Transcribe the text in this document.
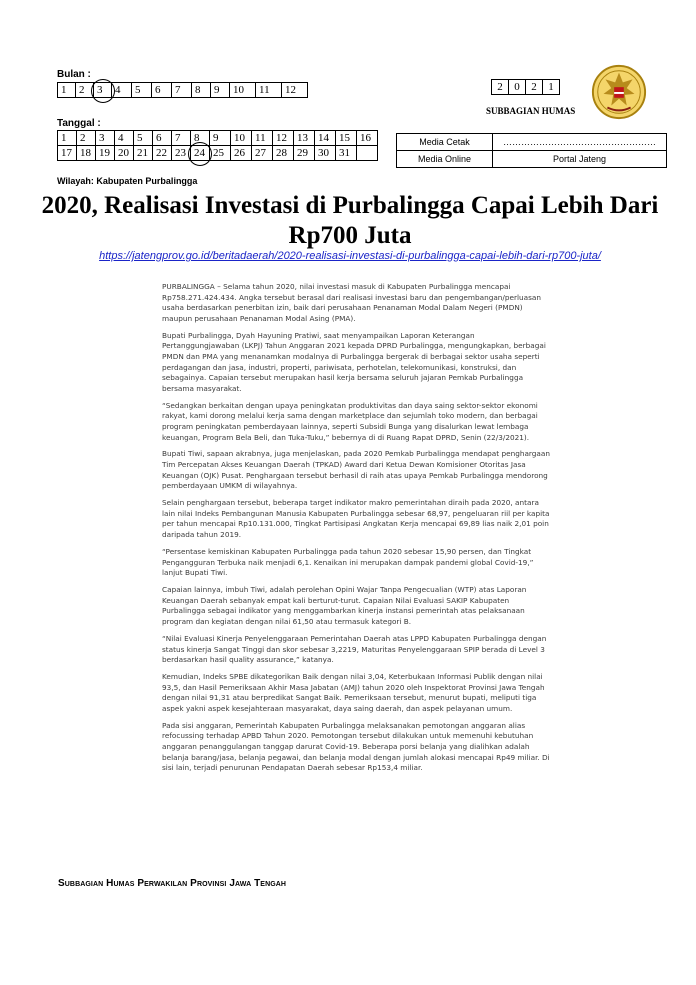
Bulan :
1	2	3	4	5	6	7	8	9	10	11	12	2	0	2	1
SUBBAGIAN HUMAS
Tanggal :
1	2	3	4	5	6	7	8	9	10	11	12	13	14	15	16
17	18	19	20	21	22	23	24	25	26	27	28	29	30	31	
Media Cetak	……………………………………………
Media Online	Portal Jateng
Wilayah: Kabupaten Purbalingga
2020, Realisasi Investasi di Purbalingga Capai Lebih Dari Rp700 Juta
https://jatengprov.go.id/beritadaerah/2020-realisasi-investasi-di-purbalingga-capai-lebih-dari-rp700-juta/

PURBALINGGA – Selama tahun 2020, nilai investasi masuk di Kabupaten Purbalingga mencapai Rp758.271.424.434. Angka tersebut berasal dari realisasi investasi baru dan pengembangan/perluasan usaha berdasarkan penerbitan izin, baik dari perusahaan Penanaman Modal Dalam Negeri (PMDN) maupun perusahaan Penanaman Modal Asing (PMA).

Bupati Purbalingga, Dyah Hayuning Pratiwi, saat menyampaikan Laporan Keterangan Pertanggungjawaban (LKPJ) Tahun Anggaran 2021 kepada DPRD Purbalingga, mengungkapkan, berbagai PMDN dan PMA yang menanamkan modalnya di Purbalingga bergerak di berbagai sektor usaha seperti perdagangan dan jasa, industri, properti, pariwisata, perhotelan, telekomunikasi, konstruksi, dan sebagainya. Capaian tersebut merupakan hasil kerja bersama seluruh jajaran Pemkab Purbalingga bersama masyarakat.

“Sedangkan berkaitan dengan upaya peningkatan produktivitas dan daya saing sektor-sektor ekonomi rakyat, kami dorong melalui kerja sama dengan marketplace dan sejumlah toko modern, dan berbagai program peningkatan pemberdayaan lainnya, seperti Subsidi Bunga yang disalurkan lewat lembaga keuangan, Program Bela Beli, dan Tuka-Tuku,” bebernya di di Ruang Rapat DPRD, Senin (22/3/2021).

Bupati Tiwi, sapaan akrabnya, juga menjelaskan, pada 2020 Pemkab Purbalingga mendapat penghargaan Tim Percepatan Akses Keuangan Daerah (TPKAD) Award dari Ketua Dewan Komisioner Otoritas Jasa Keuangan (OJK) Pusat. Penghargaan tersebut berhasil di raih atas upaya Pemkab Purbalingga mendorong pemberdayaan UMKM di wilayahnya.

Selain penghargaan tersebut, beberapa target indikator makro pemerintahan diraih pada 2020, antara lain nilai Indeks Pembangunan Manusia Kabupaten Purbalingga sebesar 68,97, pengeluaran riil per kapita per tahun mencapai Rp10.131.000, Tingkat Partisipasi Angkatan Kerja mencapai 69,89 lias naik 2,01 poin daripada tahun 2019.

“Persentase kemiskinan Kabupaten Purbalingga pada tahun 2020 sebesar 15,90 persen, dan Tingkat Pengangguran Terbuka naik menjadi 6,1. Kenaikan ini merupakan dampak pandemi global Covid-19,” lanjut Bupati Tiwi.

Capaian lainnya, imbuh Tiwi, adalah perolehan Opini Wajar Tanpa Pengecualian (WTP) atas Laporan Keuangan Daerah sebanyak empat kali berturut-turut. Capaian Nilai Evaluasi SAKIP Kabupaten Purbalingga sebagai indikator yang menggambarkan kinerja instansi pemerintah atas pelaksanaan program dan kegiatan dengan nilai 61,50 atau termasuk kategori B.

“Nilai Evaluasi Kinerja Penyelenggaraan Pemerintahan Daerah atas LPPD Kabupaten Purbalingga dengan status kinerja Sangat Tinggi dan skor sebesar 3,2219, Maturitas Penyelenggaraan SPIP berada di Level 3 berdasarkan hasil quality assurance,” katanya.

Kemudian, Indeks SPBE dikategorikan Baik dengan nilai 3,04, Keterbukaan Informasi Publik dengan nilai 93,5, dan Hasil Pemeriksaan Akhir Masa Jabatan (AMJ) tahun 2020 oleh Inspektorat Provinsi Jawa Tengah dengan nilai 91,31 atau berpredikat Sangat Baik. Pemeriksaan tersebut, menurut bupati, meliputi tiga aspek yakni aspek kesejahteraan masyarakat, daya saing daerah, dan aspek pelayanan umum.

Pada sisi anggaran, Pemerintah Kabupaten Purbalingga melaksanakan pemotongan anggaran alias refocussing terhadap APBD Tahun 2020. Pemotongan tersebut dilakukan untuk memenuhi kebutuhan anggaran penanggulangan tanggap darurat Covid-19. Beberapa porsi belanja yang dialihkan adalah belanja barang/jasa, belanja pegawai, dan belanja modal dengan jumlah alokasi mencapai Rp49 miliar. Di sisi lain, terjadi penurunan Pendapatan Daerah sebesar Rp153,4 miliar.

Subbagian Humas Perwakilan Provinsi Jawa Tengah
